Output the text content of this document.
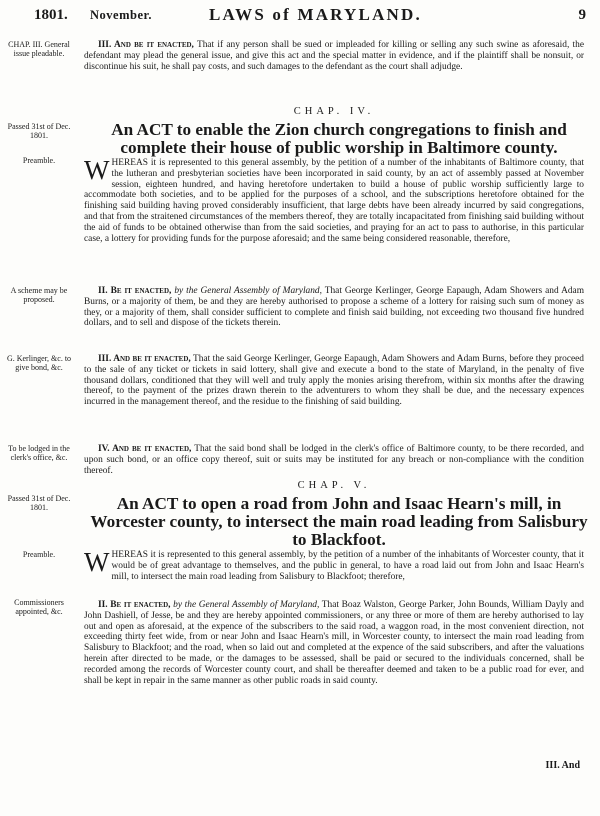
1801. November.	LAWS of MARYLAND.	9
CHAP. III. General issue pleadable.
Passed 31st of Dec. 1801.
Preamble.
A scheme may be proposed.
G. Kerlinger, &c. to give bond, &c.
To be lodged in the clerk's office, &c.
Passed 31st of Dec. 1801.
Preamble.
Commissioners appointed, &c.

III. And be it enacted, That if any person shall be sued or impleaded for killing or selling any such swine as aforesaid, the defendant may plead the general issue, and give this act and the special matter in evidence, and if the plaintiff shall be nonsuit, or discontinue his suit, he shall pay costs, and such damages to the defendant as the court shall adjudge.

CHAP. IV.
An ACT to enable the Zion church congregations to finish and complete their house of public worship in Baltimore county.

WHEREAS it is represented to this general assembly, by the petition of a number of the inhabitants of Baltimore county, that the lutheran and presbyterian societies have been incorporated in said county, by an act of assembly passed at November session, eighteen hundred, and having heretofore undertaken to build a house of public worship sufficiently large to accommodate both societies, and to be applied for the purposes of a school, and the subscriptions heretofore obtained for the finishing said building having proved considerably insufficient, that large debts have been already incurred by said congregations, and that from the straitened circumstances of the members thereof, they are totally incapacitated from finishing said building without the aid of funds to be obtained otherwise than from the said societies, and praying for an act to pass to authorise, in this particular case, a lottery for providing funds for the purpose aforesaid; and the same being considered reasonable, therefore,

II. Be it enacted, by the General Assembly of Maryland, That George Kerlinger, George Eapaugh, Adam Showers and Adam Burns, or a majority of them, be and they are hereby authorised to propose a scheme of a lottery for raising such sum of money as they, or a majority of them, shall consider sufficient to complete and finish said building, not exceeding two thousand five hundred dollars, and to sell and dispose of the tickets therein.

III. And be it enacted, That the said George Kerlinger, George Eapaugh, Adam Showers and Adam Burns, before they proceed to the sale of any ticket or tickets in said lottery, shall give and execute a bond to the state of Maryland, in the penalty of five thousand dollars, conditioned that they will well and truly apply the monies arising therefrom, within six months after the drawing thereof, to the payment of the prizes drawn therein to the adventurers to whom they shall be due, and the necessary expences incurred in the management thereof, and the residue to the finishing of said building.

IV. And be it enacted, That the said bond shall be lodged in the clerk's office of Baltimore county, to be there recorded, and upon such bond, or an office copy thereof, suit or suits may be instituted for any breach or non-compliance with the condition thereof.

CHAP. V.
An ACT to open a road from John and Isaac Hearn's mill, in Worcester county, to intersect the main road leading from Salisbury to Blackfoot.

WHEREAS it is represented to this general assembly, by the petition of a number of the inhabitants of Worcester county, that it would be of great advantage to themselves, and the public in general, to have a road laid out from John and Isaac Hearn's mill, to intersect the main road leading from Salisbury to Blackfoot; therefore,

II. Be it enacted, by the General Assembly of Maryland, That Boaz Walston, George Parker, John Bounds, William Dayly and John Dashiell, of Jesse, be and they are hereby appointed commissioners, or any three or more of them are hereby authorised to lay out and open as aforesaid, at the expence of the subscribers to the said road, a waggon road, in the most convenient direction, not exceeding thirty feet wide, from or near John and Isaac Hearn's mill, in Worcester county, to intersect the main road leading from Salisbury to Blackfoot; and the road, when so laid out and completed at the expence of the said subscribers, and after the valuations herein after directed to be made, or the damages to be assessed, shall be paid or secured to the individuals concerned, shall be recorded among the records of Worcester county court, and shall be thereafter deemed and taken to be a public road for ever, and shall be kept in repair in the same manner as other public roads in said county.

III. And
